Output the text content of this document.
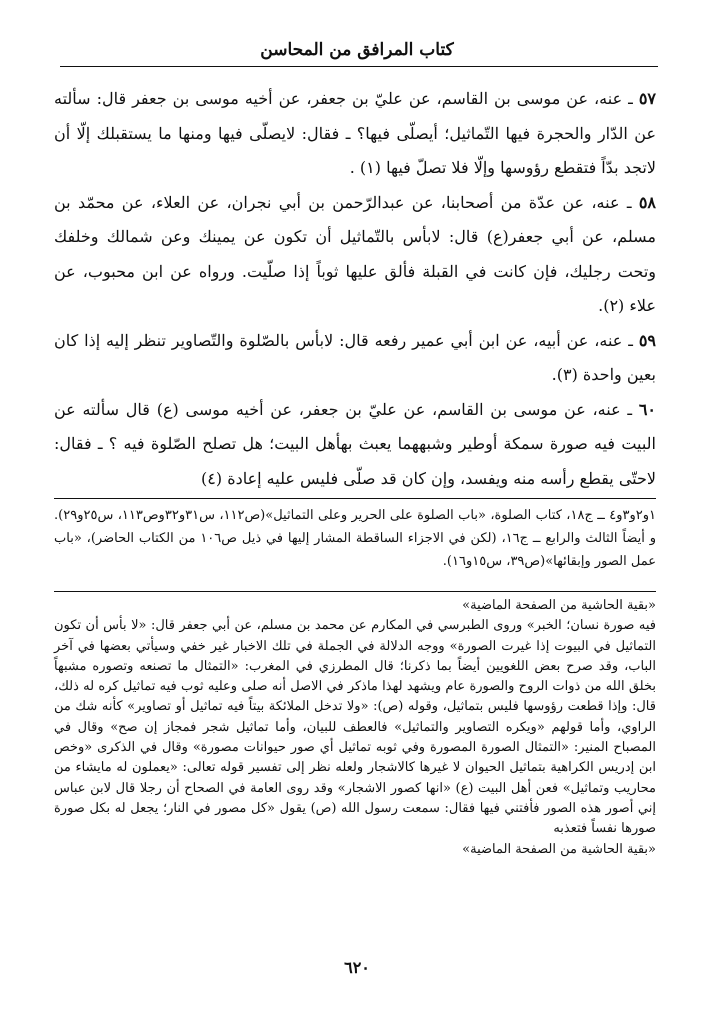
كتاب المرافق من المحاسن

٥٧ ـ عنه، عن موسى بن القاسم، عن عليّ بن جعفر، عن أخيه موسى بن جعفر قال: سألته عن الدّار والحجرة فيها التّماثيل؛ أيصلّى فيها؟ ـ فقال: لايصلّى فيها ومنها ما يستقبلك إلّا أن لاتجد بدّاً فتقطع رؤوسها وإلّا فلا تصلّ فيها (١) .

٥٨ ـ عنه، عن عدّة من أصحابنا، عن عبدالرّحمن بن أبي نجران، عن العلاء، عن محمّد بن مسلم، عن أبي جعفر(ع) قال: لابأس بالتّماثيل أن تكون عن يمينك وعن شمالك وخلفك وتحت رجليك، فإن كانت في القبلة فألق عليها ثوباً إذا صلّيت. ورواه عن ابن محبوب، عن علاء (٢).

٥٩ ـ عنه، عن أبيه، عن ابن أبي عمير رفعه قال: لابأس بالصّلوة والتّصاوير تنظر إليه إذا كان بعين واحدة (٣).

٦٠ ـ عنه، عن موسى بن القاسم، عن عليّ بن جعفر، عن أخيه موسى (ع) قال سألته عن البيت فيه صورة سمكة أوطير وشبههما يعبث بهأهل البيت؛ هل تصلح الصّلوة فيه ؟ ـ فقال: لاحتّى يقطع رأسه منه ويفسد، وإن كان قد صلّى فليس عليه إعادة (٤)

١و٢و٣و٤ ــ ج١٨، كتاب الصلوة، «باب الصلوة على الحرير وعلى التماثيل»(ص١١٢، س٣١و٣٢وص١١٣، س٢٥و٢٩). و أيضاً الثالث والرابع ــ ج١٦، (لكن في الاجزاء الساقطة المشار إليها في ذيل ص١٠٦ من الكتاب الحاضر)، «باب عمل الصور وإبقائها»(ص٣٩، س١٥و١٦).

«بقية الحاشية من الصفحة الماضية»

فيه صورة نسان؛ الخبر» وروى الطبرسي في المكارم عن محمد بن مسلم، عن أبي جعفر قال: «لا بأس أن تكون التماثيل في البيوت إذا غيرت الصورة» ووجه الدلالة في الجملة في تلك الاخبار غير خفي وسيأتي بعضها في آخر الباب، وقد صرح بعض اللغويين أيضاً بما ذكرنا؛ قال المطرزي في المغرب: «التمثال ما تصنعه وتصوره مشبهاً بخلق الله من ذوات الروح والصورة عام ويشهد لهذا ماذكر في الاصل أنه صلى وعليه ثوب فيه تماثيل كره له ذلك، قال: وإذا قطعت رؤوسها فليس بتماثيل، وقوله (ص): «ولا تدخل الملائكة بيتاً فيه تماثيل أو تصاوير» كأنه شك من الراوي، وأما قولهم «ويكره التصاوير والتماثيل» فالعطف للبيان، وأما تماثيل شجر فمجاز إن صح» وقال في المصباح المنير: «التمثال الصورة المصورة وفي ثوبه تماثيل أي صور حيوانات مصورة» وقال في الذكرى «وخص ابن إدريس الكراهية بتماثيل الحيوان لا غيرها كالاشجار ولعله نظر إلى تفسير قوله تعالى: «يعملون له مايشاء من محاريب وتماثيل» فعن أهل البيت (ع) «انها كصور الاشجار» وقد روى العامة في الصحاح أن رجلا قال لابن عباس إني أصور هذه الصور فأفتني فيها فقال: سمعت رسول الله (ص) يقول «كل مصور في النار؛ يجعل له بكل صورة صورها نفساً فتعذبه

«بقية الحاشية من الصفحة الماضية»

٦٢٠
